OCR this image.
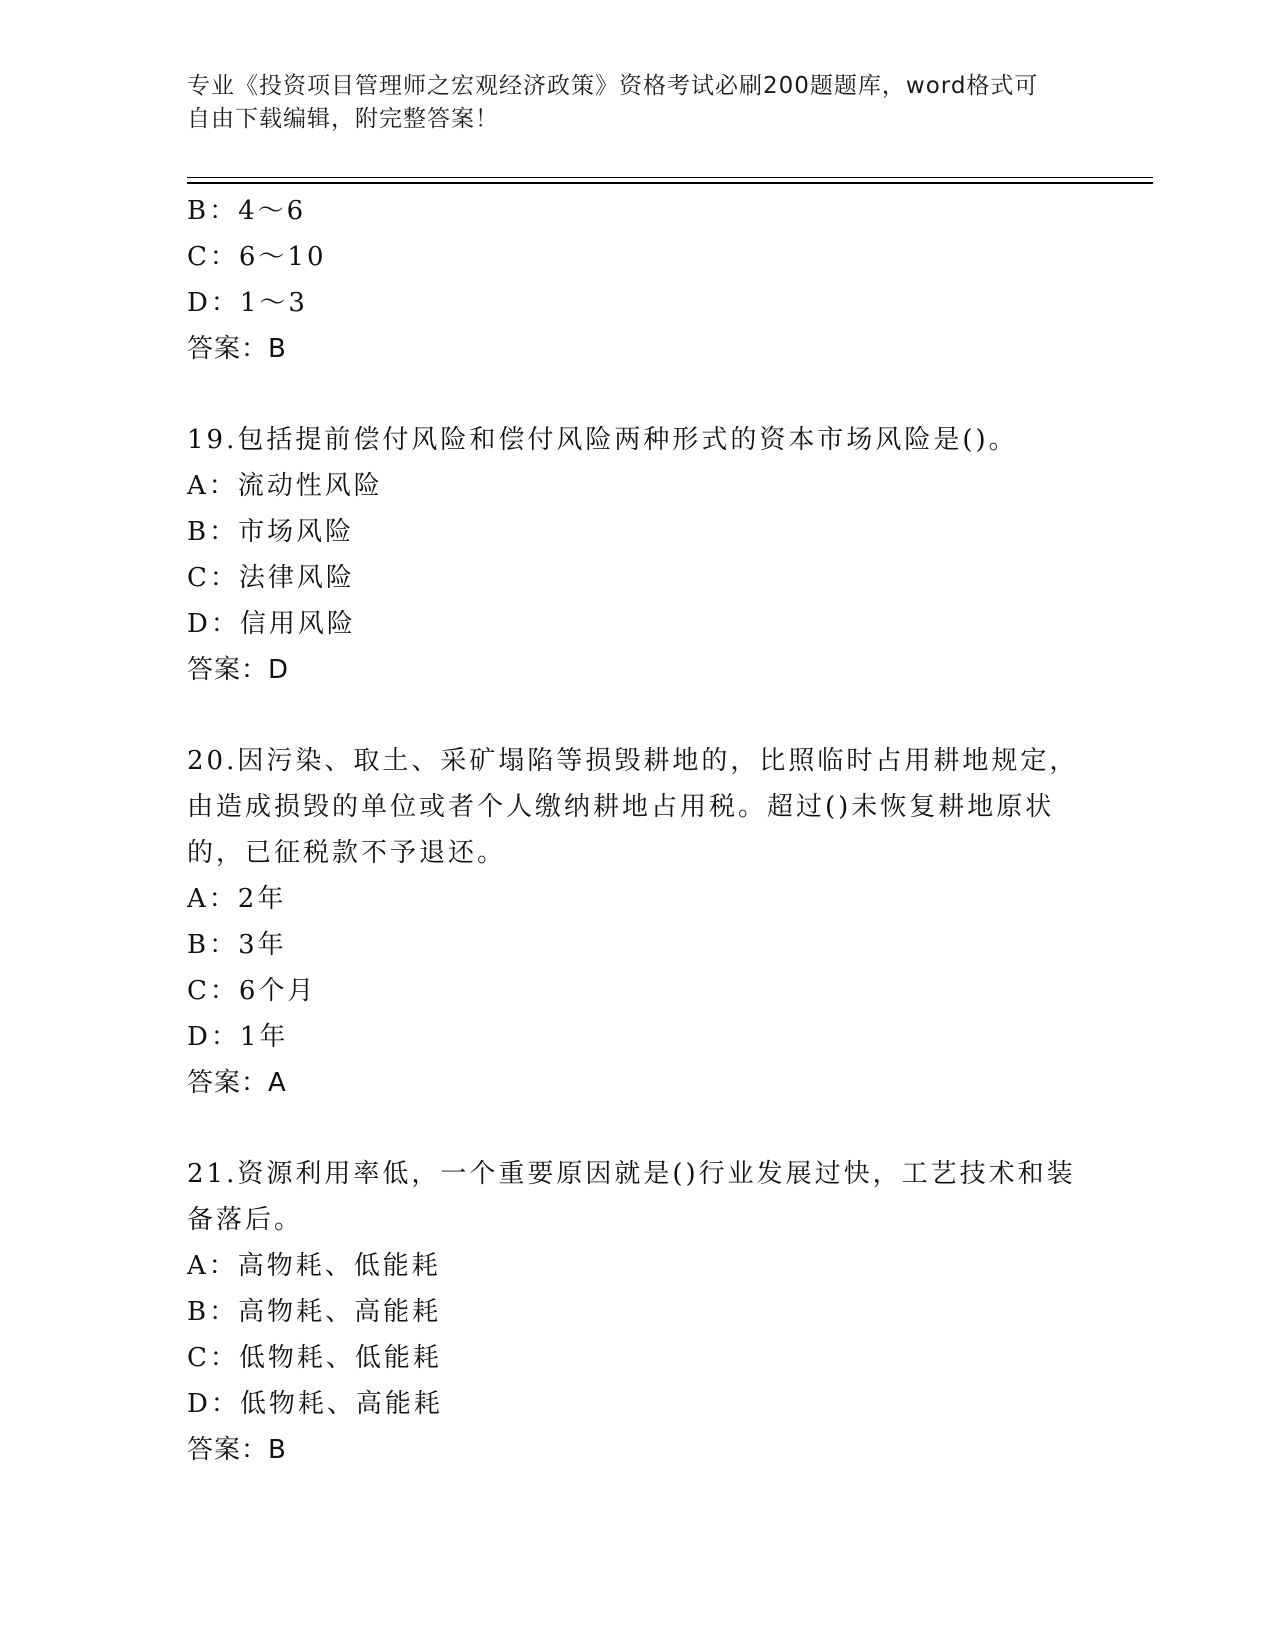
专业《投资项目管理师之宏观经济政策》资格考试必刷200题题库，word格式可
自由下载编辑，附完整答案！
B：4～6
C：6～10
D：1～3
答案：B
19.包括提前偿付风险和偿付风险两种形式的资本市场风险是()。
A：流动性风险
B：市场风险
C：法律风险
D：信用风险
答案：D
20.因污染、取土、采矿塌陷等损毁耕地的，比照临时占用耕地规定，
由造成损毁的单位或者个人缴纳耕地占用税。超过()未恢复耕地原状
的，已征税款不予退还。
A：2年
B：3年
C：6个月
D：1年
答案：A
21.资源利用率低，一个重要原因就是()行业发展过快，工艺技术和装
备落后。
A：高物耗、低能耗
B：高物耗、高能耗
C：低物耗、低能耗
D：低物耗、高能耗
答案：B
